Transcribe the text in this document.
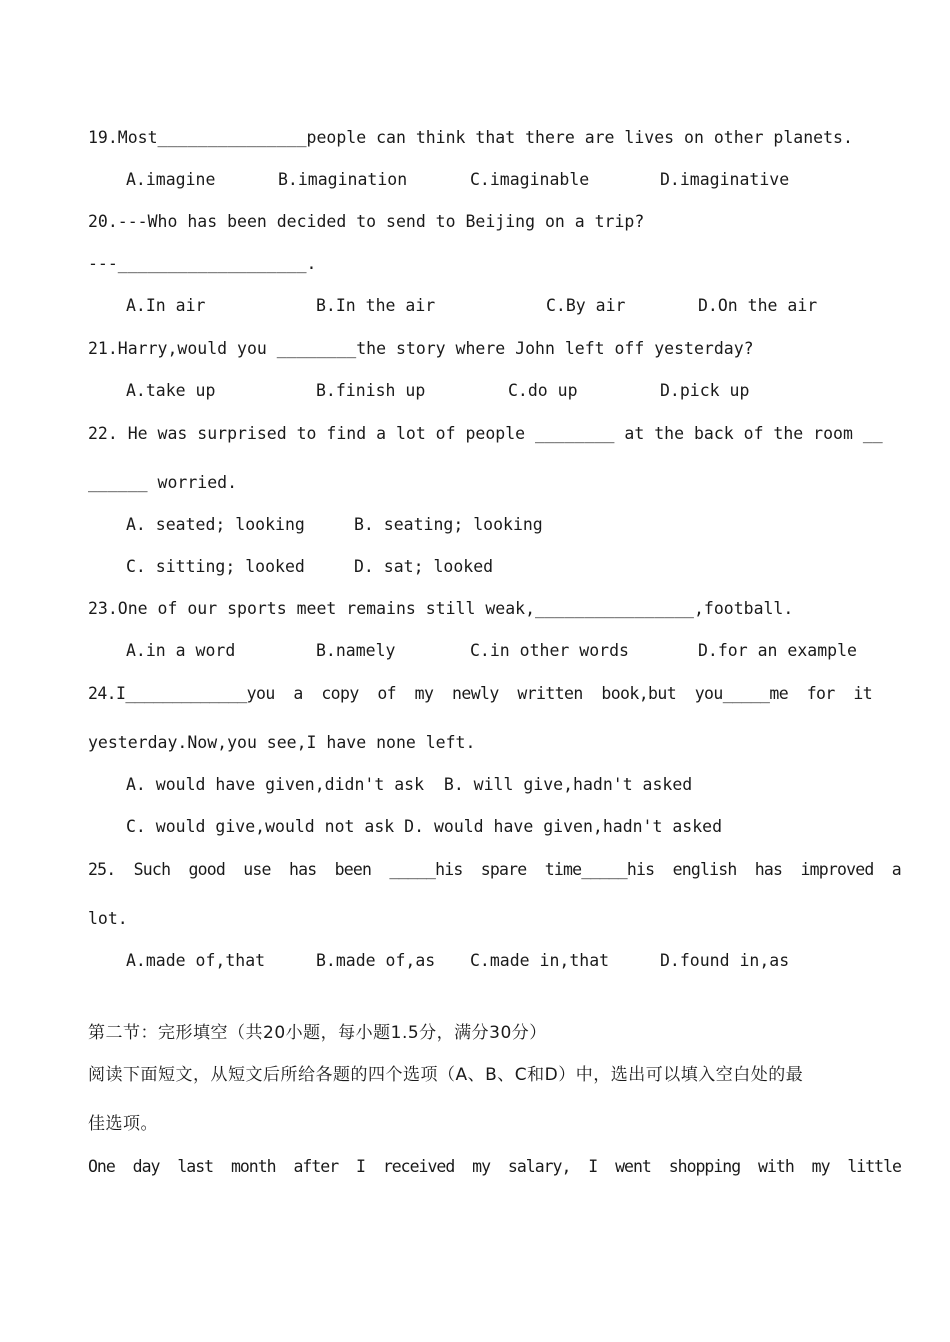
19.Most_______________people can think that there are lives on other planets.
A.imagine	B.imagination	C.imaginable	D.imaginative
20.---Who has been decided to send to Beijing on a trip?
---___________________.
A.In air	B.In the air	C.By air	D.On the air
21.Harry,would you ________the story where John left off yesterday?
A.take up	B.finish up	C.do up	D.pick up
22. He was surprised to find a lot of people ________ at the back of the room __
______ worried.
A. seated; looking	B. seating; looking
C. sitting; looked	D. sat; looked
23.One of our sports meet remains still weak,________________,football.
A.in a word	B.namely	C.in other words	D.for an example
24.I_____________you  a  copy  of  my  newly  written  book,but  you_____me  for  it
yesterday.Now,you see,I have none left.
A. would have given,didn't ask  B. will give,hadn't asked
C. would give,would not ask D. would have given,hadn't asked
25.  Such  good  use  has  been  _____his  spare  time_____his  english  has  improved  a
lot.
A.made of,that	B.made of,as C.made in,that	D.found in,as
第二节：完形填空（共20小题，每小题1.5分，满分30分）
阅读下面短文，从短文后所给各题的四个选项（A、B、C和D）中，选出可以填入空白处的最
佳选项。
One  day  last  month  after  I  received  my  salary,  I  went  shopping  with  my  little
